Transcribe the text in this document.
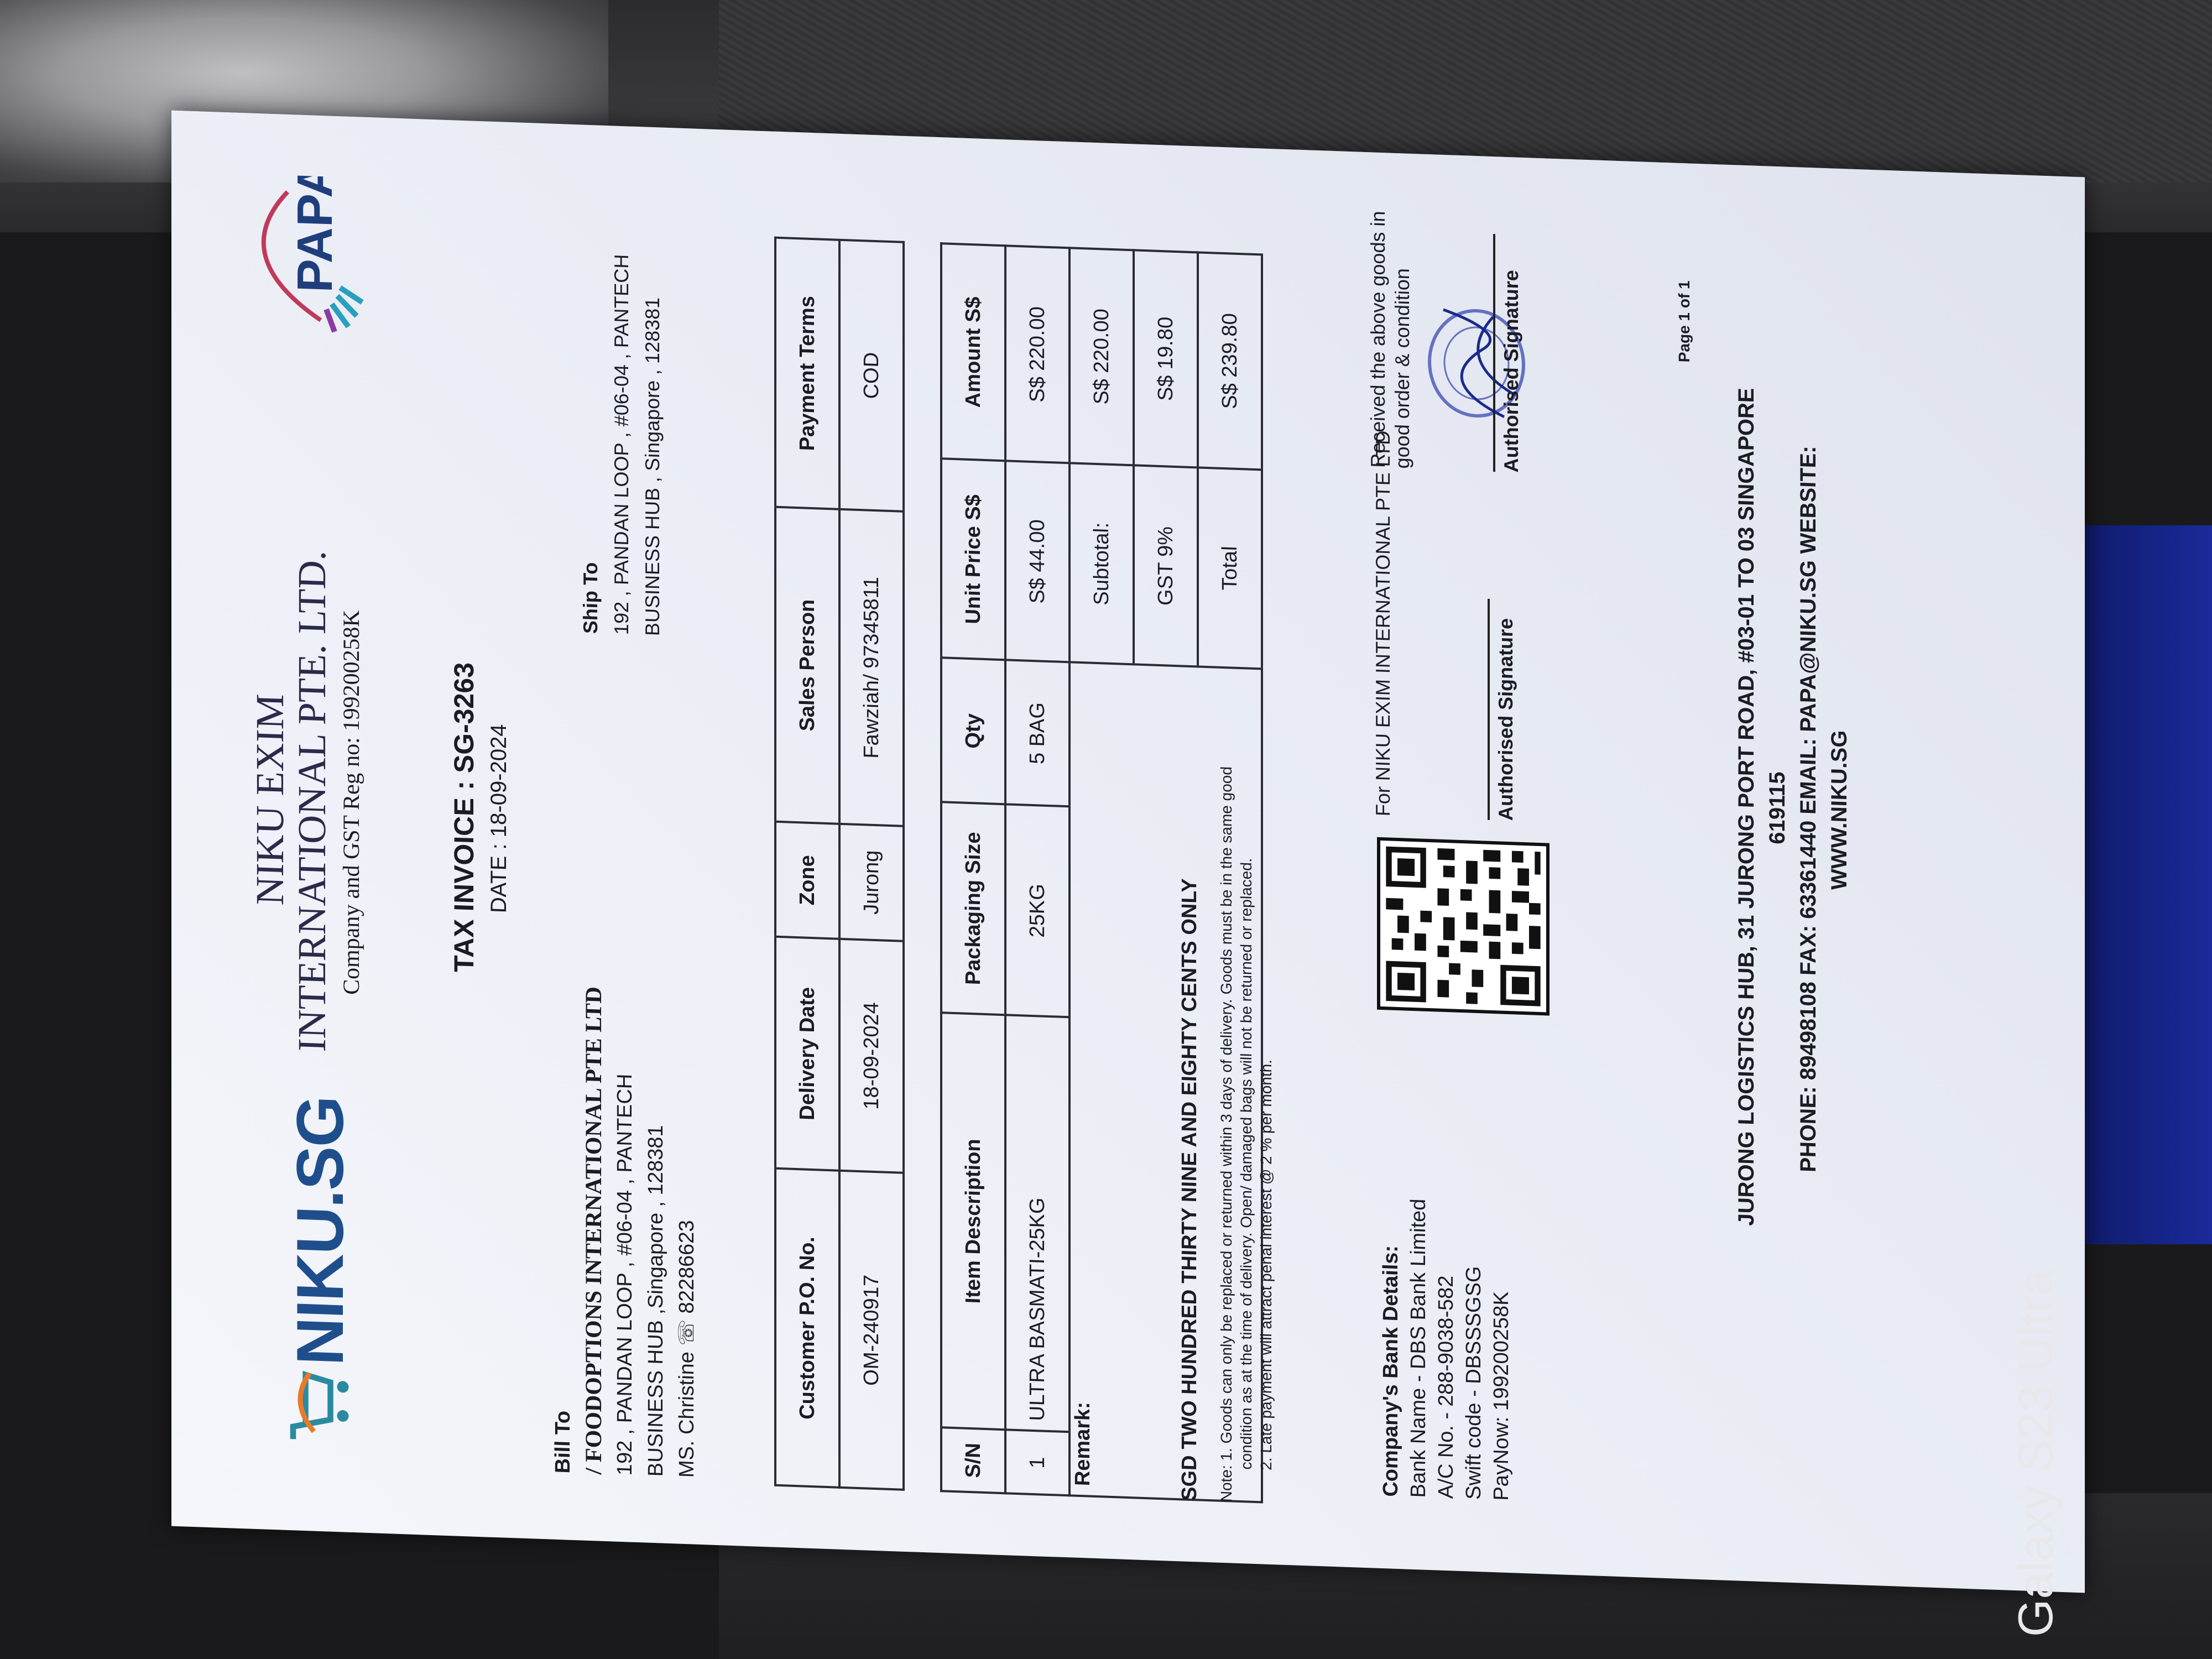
NIKU.SG
NIKU EXIM
INTERNATIONAL PTE. LTD. Company and GST Reg no: 199200258K
PAPA
TAX INVOICE : SG-3263 DATE : 18-09-2024
Bill To / FOODOPTIONS INTERNATIONAL PTE LTD 192 , PANDAN LOOP , #06-04 , PANTECH BUSINESS HUB ,Singapore , 128381 MS. Christine ☏ 82286623
Ship To 192 , PANDAN LOOP , #06-04 , PANTECH BUSINESS HUB , Singapore , 128381
Customer P.O. No.	Delivery Date	Zone	Sales Person	Payment Terms
OM-240917	18-09-2024	Jurong	Fawziah/ 97345811	COD
S/N	Item Description	Packaging Size	Qty	Unit Price S$	Amount S$
1	ULTRA BASMATI-25KG	25KG	5 BAG	S$ 44.00	S$ 220.00
Remark:				Subtotal:	S$ 220.00
				GST 9%	S$ 19.80
				Total	S$ 239.80
SGD TWO HUNDRED THIRTY NINE AND EIGHTY CENTS ONLY Note: 1. Goods can only be replaced or returned within 3 days of delivery. Goods must be in the same good condition as at the time of delivery. Open/ damaged bags will not be returned or replaced. 2. Late payment will attract penal interest @ 2 % per month.	Company's Bank Details: Bank Name - DBS Bank Limited A/C No. - 288-9038-582 Swift code - DBSSSGSG PayNow: 199200258K
For NIKU EXIM INTERNATIONAL PTE LTD	Authorised Signature
Received the above goods in good order & condition	Authorised Signature
JURONG LOGISTICS HUB, 31 JURONG PORT ROAD, #03-01 TO 03 SINGAPORE 619115 PHONE: 89498108 FAX: 63361440 EMAIL: PAPA@NIKU.SG WEBSITE: WWW.NIKU.SG
Page 1 of 1
Galaxy S23 Ultra
